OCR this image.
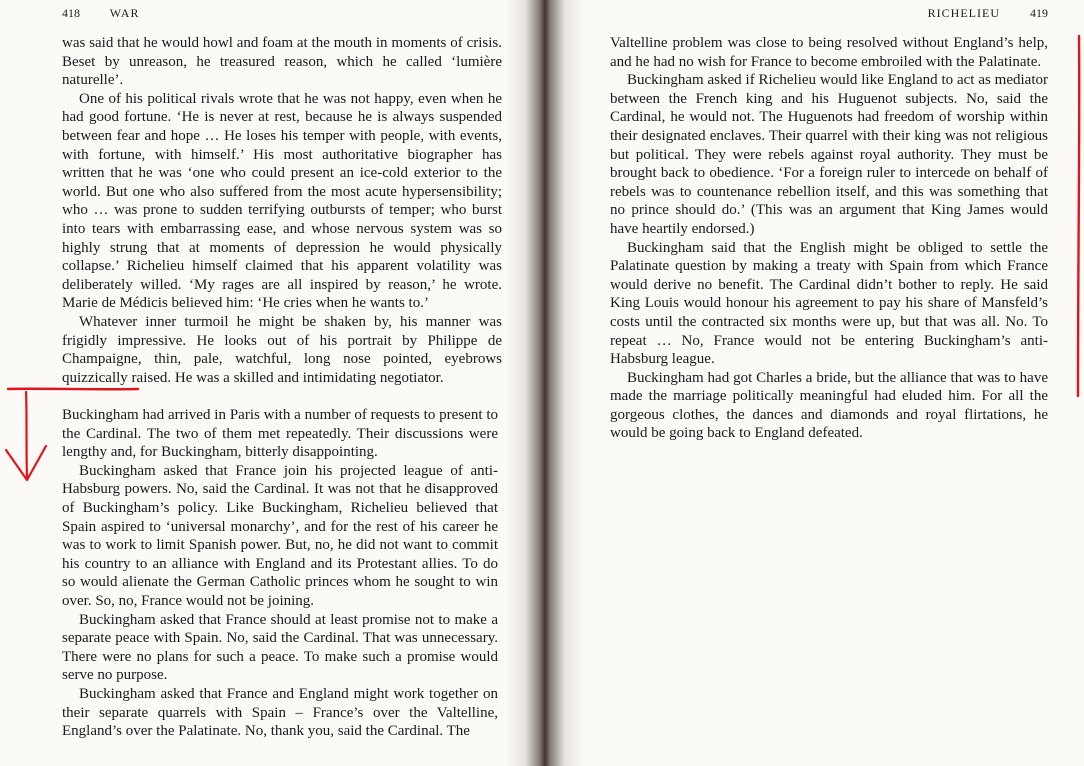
418 WAR

was said that he would howl and foam at the mouth in moments of crisis. Beset by unreason, he treasured reason, which he called ‘lumière naturelle’.

One of his political rivals wrote that he was not happy, even when he had good fortune. ‘He is never at rest, because he is always suspended between fear and hope … He loses his temper with people, with events, with fortune, with himself.’ His most authoritative biographer has written that he was ‘one who could present an ice-cold exterior to the world. But one who also suffered from the most acute hypersensibility; who … was prone to sudden terrifying outbursts of temper; who burst into tears with embarrassing ease, and whose nervous system was so highly strung that at moments of depression he would physically collapse.’ Richelieu himself claimed that his apparent volatility was deliberately willed. ‘My rages are all inspired by reason,’ he wrote. Marie de Médicis believed him: ‘He cries when he wants to.’

Whatever inner turmoil he might be shaken by, his manner was frigidly impressive. He looks out of his portrait by Philippe de Champaigne, thin, pale, watchful, long nose pointed, eyebrows quizzically raised. He was a skilled and intimidating negotiator.

Buckingham had arrived in Paris with a number of requests to present to the Cardinal. The two of them met repeatedly. Their discussions were lengthy and, for Buckingham, bitterly disappointing.

Buckingham asked that France join his projected league of anti-Habsburg powers. No, said the Cardinal. It was not that he disapproved of Buckingham’s policy. Like Buckingham, Richelieu believed that Spain aspired to ‘universal monarchy’, and for the rest of his career he was to work to limit Spanish power. But, no, he did not want to commit his country to an alliance with England and its Protestant allies. To do so would alienate the German Catholic princes whom he sought to win over. So, no, France would not be joining.

Buckingham asked that France should at least promise not to make a separate peace with Spain. No, said the Cardinal. That was unnecessary. There were no plans for such a peace. To make such a promise would serve no purpose.

Buckingham asked that France and England might work together on their separate quarrels with Spain – France’s over the Valtelline, England’s over the Palatinate. No, thank you, said the Cardinal. The

RICHELIEU	419

Valtelline problem was close to being resolved without England’s help, and he had no wish for France to become embroiled with the Palatinate.

Buckingham asked if Richelieu would like England to act as mediator between the French king and his Huguenot subjects. No, said the Cardinal, he would not. The Huguenots had freedom of worship within their designated enclaves. Their quarrel with their king was not religious but political. They were rebels against royal authority. They must be brought back to obedience. ‘For a foreign ruler to intercede on behalf of rebels was to countenance rebellion itself, and this was something that no prince should do.’ (This was an argument that King James would have heartily endorsed.)

Buckingham said that the English might be obliged to settle the Palatinate question by making a treaty with Spain from which France would derive no benefit. The Cardinal didn’t bother to reply. He said King Louis would honour his agreement to pay his share of Mansfeld’s costs until the contracted six months were up, but that was all. No. To repeat … No, France would not be entering Buckingham’s anti-Habsburg league.

Buckingham had got Charles a bride, but the alliance that was to have made the marriage politically meaningful had eluded him. For all the gorgeous clothes, the dances and diamonds and royal flirtations, he would be going back to England defeated.
